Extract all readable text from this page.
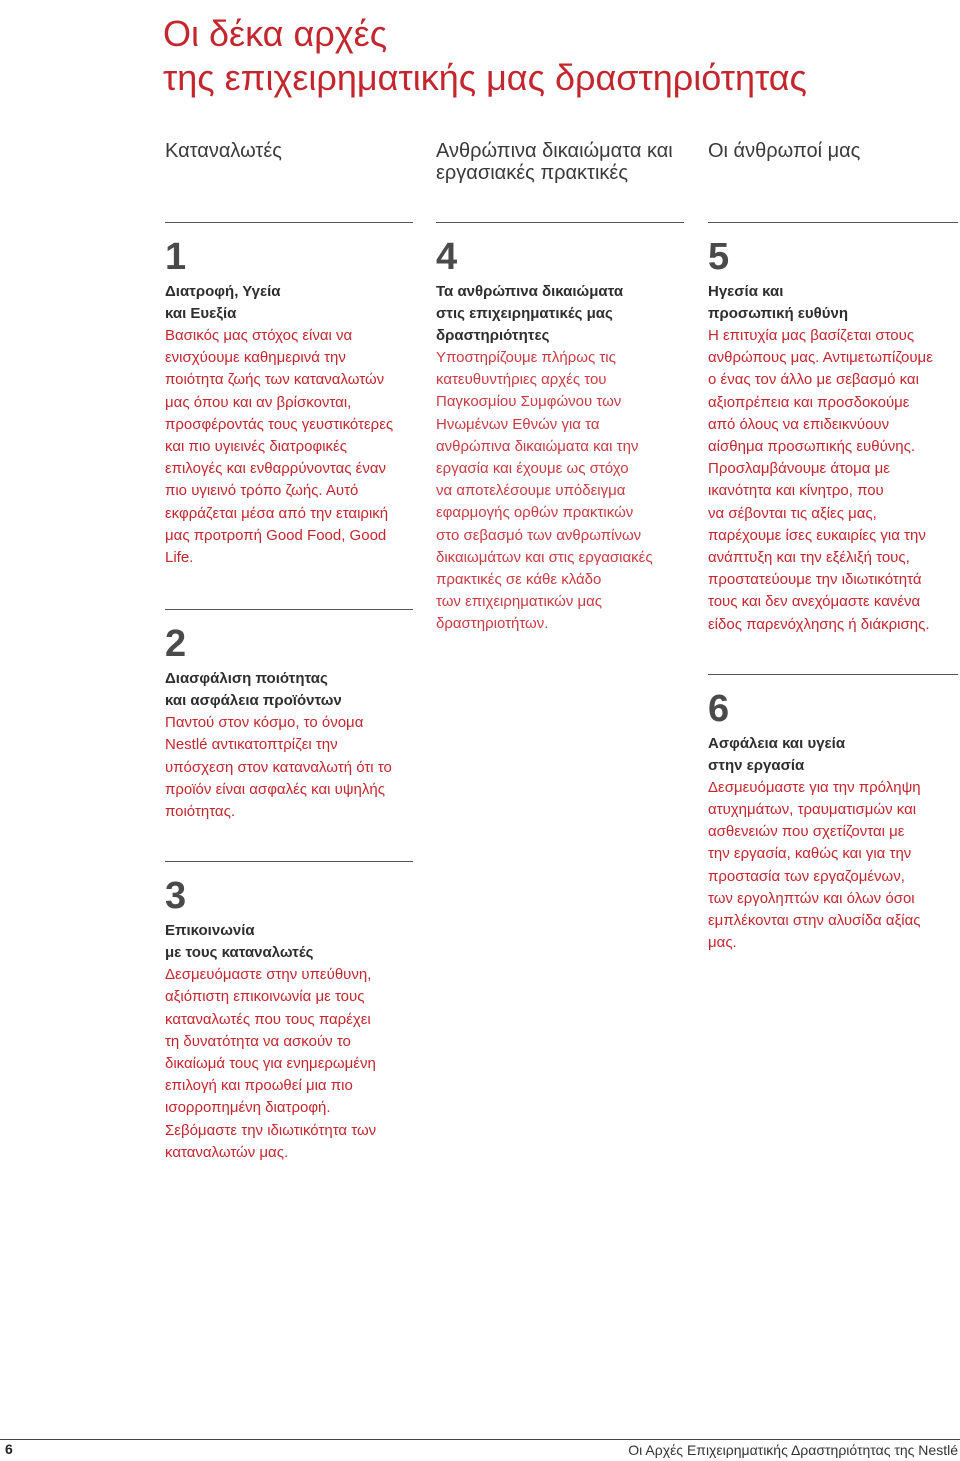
Οι δέκα αρχές
της επιχειρηματικής μας δραστηριότητας
Καταναλωτές	Ανθρώπινα δικαιώματα και
εργασιακές πρακτικές
Οι άνθρωποί μας
1
Διατροφή, Υγεία
και Ευεξία

Βασικός μας στόχος είναι να
ενισχύουμε καθημερινά την
ποιότητα ζωής των καταναλωτών
μας όπου και αν βρίσκονται,
προσφέροντάς τους γευστικότερες
και πιο υγιεινές διατροφικές
επιλογές και ενθαρρύνοντας έναν
πιο υγιεινό τρόπο ζωής. Αυτό
εκφράζεται μέσα από την εταιρική
μας προτροπή Good Food, Good
Life.

2
Διασφάλιση ποιότητας
και ασφάλεια προϊόντων

Παντού στον κόσμο, το όνομα
Nestlé αντικατοπτρίζει την
υπόσχεση στον καταναλωτή ότι το
προϊόν είναι ασφαλές και υψηλής
ποιότητας.

3
Επικοινωνία
με τους καταναλωτές

Δεσμευόμαστε στην υπεύθυνη,
αξιόπιστη επικοινωνία με τους
καταναλωτές που τους παρέχει
τη δυνατότητα να ασκούν το
δικαίωμά τους για ενημερωμένη
επιλογή και προωθεί μια πιο
ισορροπημένη διατροφή.
Σεβόμαστε την ιδιωτικότητα των
καταναλωτών μας.

4
Τα ανθρώπινα δικαιώματα
στις επιχειρηματικές μας
δραστηριότητες

Υποστηρίζουμε πλήρως τις
κατευθυντήριες αρχές του
Παγκοσμίου Συμφώνου των
Ηνωμένων Εθνών για τα
ανθρώπινα δικαιώματα και την
εργασία και έχουμε ως στόχο
να αποτελέσουμε υπόδειγμα
εφαρμογής ορθών πρακτικών
στο σεβασμό των ανθρωπίνων
δικαιωμάτων και στις εργασιακές
πρακτικές σε κάθε κλάδο
των επιχειρηματικών μας
δραστηριοτήτων.

5
Ηγεσία και
προσωπική ευθύνη

Η επιτυχία μας βασίζεται στους
ανθρώπους μας. Αντιμετωπίζουμε
ο ένας τον άλλο με σεβασμό και
αξιοπρέπεια και προσδοκούμε
από όλους να επιδεικνύουν
αίσθημα προσωπικής ευθύνης.
Προσλαμβάνουμε άτομα με
ικανότητα και κίνητρο, που
να σέβονται τις αξίες μας,
παρέχουμε ίσες ευκαιρίες για την
ανάπτυξη και την εξέλιξή τους,
προστατεύουμε την ιδιωτικότητά
τους και δεν ανεχόμαστε κανένα
είδος παρενόχλησης ή διάκρισης.

6
Ασφάλεια και υγεία
στην εργασία

Δεσμευόμαστε για την πρόληψη
ατυχημάτων, τραυματισμών και
ασθενειών που σχετίζονται με
την εργασία, καθώς και για την
προστασία των εργαζομένων,
των εργοληπτών και όλων όσοι
εμπλέκονται στην αλυσίδα αξίας
μας.

6	Οι Αρχές Επιχειρηματικής Δραστηριότητας της Nestlé
